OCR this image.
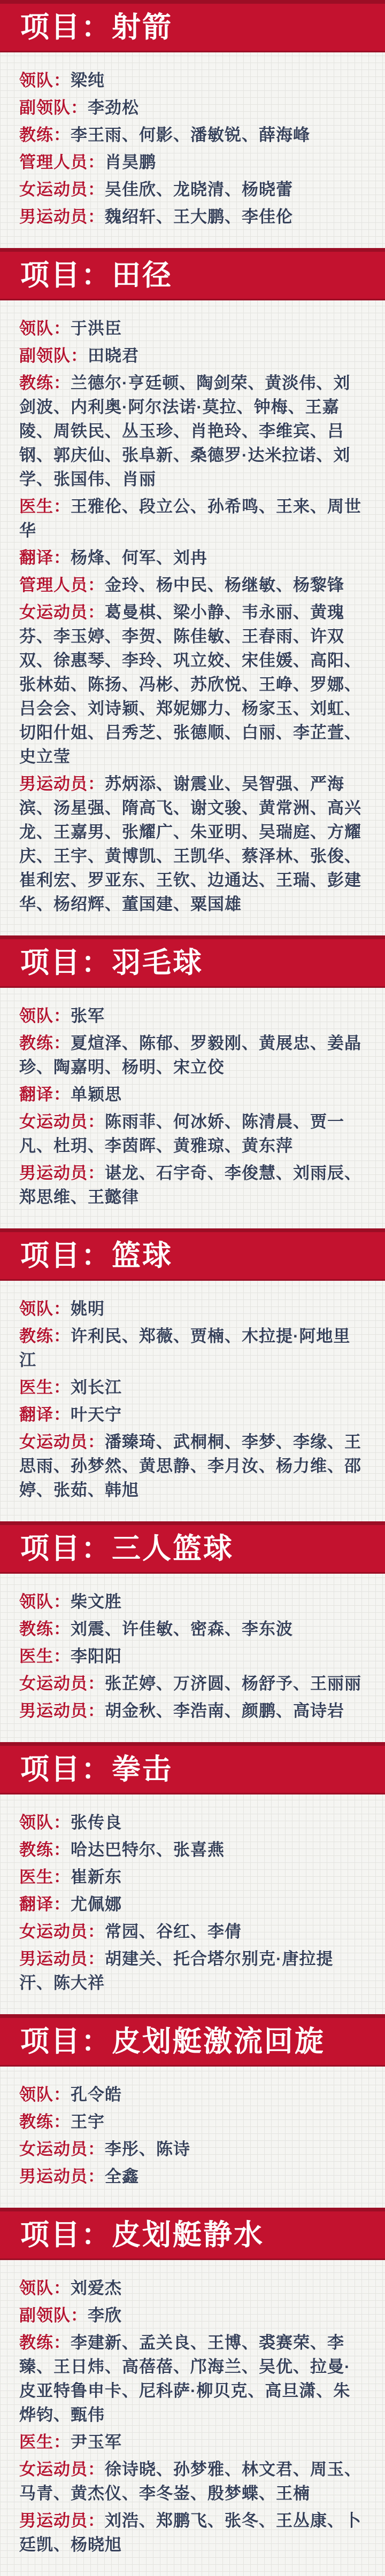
项目：射箭

领队：梁纯

副领队：李劲松

教练：李王雨、何影、潘敏锐、薛海峰

管理人员：肖昊鹏

女运动员：吴佳欣、龙晓清、杨晓蕾

男运动员：魏绍轩、王大鹏、李佳伦

项目：田径

领队：于洪臣

副领队：田晓君

教练：兰德尔·亨廷顿、陶剑荣、黄淡伟、刘剑波、内利奥·阿尔法诺·莫拉、钟梅、王嘉陵、周铁民、丛玉珍、肖艳玲、李维宾、吕钢、郭庆仙、张阜新、桑德罗·达米拉诺、刘学、张国伟、肖丽

医生：王雅伦、段立公、孙希鸣、王来、周世华

翻译：杨烽、何军、刘冉

管理人员：金玲、杨中民、杨继敏、杨黎锋

女运动员：葛曼棋、梁小静、韦永丽、黄瑰芬、李玉婷、李贺、陈佳敏、王春雨、许双双、徐惠琴、李玲、巩立姣、宋佳媛、高阳、张林茹、陈扬、冯彬、苏欣悦、王峥、罗娜、吕会会、刘诗颖、郑妮娜力、杨家玉、刘虹、切阳什姐、吕秀芝、张德顺、白丽、李芷萱、史立莹

男运动员：苏炳添、谢震业、吴智强、严海滨、汤星强、隋高飞、谢文骏、黄常洲、高兴龙、王嘉男、张耀广、朱亚明、吴瑞庭、方耀庆、王宇、黄博凯、王凯华、蔡泽林、张俊、崔利宏、罗亚东、王钦、边通达、王瑞、彭建华、杨绍辉、董国建、粟国雄

项目：羽毛球

领队：张军

教练：夏煊泽、陈郁、罗毅刚、黄展忠、姜晶珍、陶嘉明、杨明、宋立佼

翻译：单颖思

女运动员：陈雨菲、何冰娇、陈清晨、贾一凡、杜玥、李茵晖、黄雅琼、黄东萍

男运动员：谌龙、石宇奇、李俊慧、刘雨辰、郑思维、王懿律

项目：篮球

领队：姚明

教练：许利民、郑薇、贾楠、木拉提·阿地里江

医生：刘长江

翻译：叶天宁

女运动员：潘臻琦、武桐桐、李梦、李缘、王思雨、孙梦然、黄思静、李月汝、杨力维、邵婷、张茹、韩旭

项目：三人篮球

领队：柴文胜

教练：刘震、许佳敏、密森、李东波

医生：李阳阳

女运动员：张芷婷、万济圆、杨舒予、王丽丽

男运动员：胡金秋、李浩南、颜鹏、高诗岩

项目：拳击

领队：张传良

教练：哈达巴特尔、张喜燕

医生：崔新东

翻译：尤佩娜

女运动员：常园、谷红、李倩

男运动员：胡建关、托合塔尔别克·唐拉提汗、陈大祥

项目：皮划艇激流回旋

领队：孔令皓

教练：王宇

女运动员：李彤、陈诗

男运动员：全鑫

项目：皮划艇静水

领队：刘爱杰

副领队：李欣

教练：李建新、孟关良、王博、裘赛荣、李臻、王日炜、高蓓蓓、邝海兰、吴优、拉曼·皮亚特鲁申卡、尼科萨·柳贝克、高旦潇、朱烨钧、甄伟

医生：尹玉军

女运动员：徐诗晓、孙梦雅、林文君、周玉、马青、黄杰仪、李冬崟、殷梦蝶、王楠

男运动员：刘浩、郑鹏飞、张冬、王丛康、卜廷凯、杨晓旭
